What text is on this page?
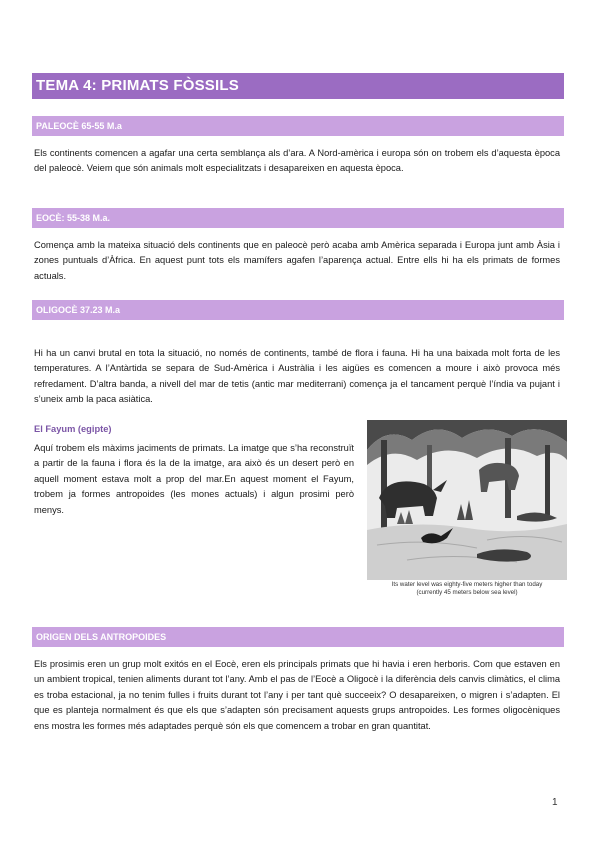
TEMA 4: PRIMATS FÒSSILS
PALEOCÈ 65-55 M.a

Els continents comencen a agafar una certa semblança als d’ara. A Nord-amèrica i europa són on trobem els d’aquesta època del paleocè. Veiem que són animals molt especialitzats i desapareixen en aquesta època.

EOCÈ: 55-38 M.a.

Comença amb la mateixa situació dels continents que en paleocè però acaba amb Amèrica separada i Europa junt amb Àsia i zones puntuals d’Àfrica. En aquest punt tots els mamífers agafen l’aparença actual. Entre ells hi ha els primats de formes actuals.

OLIGOCÈ 37.23 M.a

Hi ha un canvi brutal en tota la situació, no només de continents, també de flora i fauna. Hi ha una baixada molt forta de les temperatures. A l’Antàrtida se separa de Sud-Amèrica i Austràlia i les aigües es comencen a moure i això provoca més refredament. D’altra banda, a nivell del mar de tetis (antic mar mediterrani) comença ja el tancament perquè l’índia va pujant i s’uneix amb la paca asiàtica.

El Fayum (egipte)

Aquí trobem els màxims jaciments de primats. La imatge que s’ha reconstruït a partir de la fauna i flora és la de la imatge, ara això és un desert però en aquell moment estava molt a prop del mar.En aquest moment el Fayum, trobem ja formes antropoides (les mones actuals) i algun prosimi però menys.

Its water level was eighty-five meters higher than today
(currently 45 meters below sea level)
ORIGEN DELS ANTROPOIDES

Els prosimis eren un grup molt exitós en el Eocè, eren els principals primats que hi havia i eren herboris. Com que estaven en un ambient tropical, tenien aliments durant tot l’any. Amb el pas de l’Eocè a Oligocè i la diferència dels canvis climàtics, el clima es troba estacional, ja no tenim fulles i fruits durant tot l’any i per tant què succeeix? O desapareixen, o migren i s’adapten. El que es planteja normalment és que els que s’adapten són precisament aquests grups antropoides. Les formes oligocèniques ens mostra les formes més adaptades perquè són els que comencem a trobar en gran quantitat.

1
